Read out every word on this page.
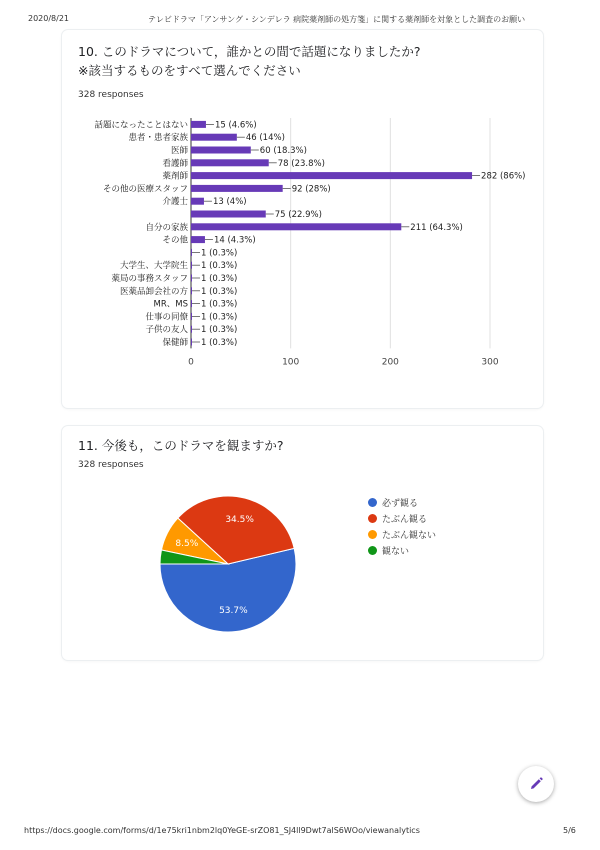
2020/8/21	テレビドラマ「アンサング・シンデレラ 病院薬剤師の処方箋」に関する薬剤師を対象とした調査のお願い
10. このドラマについて，誰かとの間で話題になりましたか?　　※該当するものをすべて選んでください
328 responses
0	100	200	300
話題になったことはない	15 (4.6%)
患者・患者家族	46 (14%)
医師	60 (18.3%)
看護師	78 (23.8%)
薬剤師	282 (86%)
その他の医療スタッフ	92 (28%)
介護士	13 (4%)
75 (22.9%)
自分の家族	211 (64.3%)
その他	14 (4.3%)
1 (0.3%)
大学生、大学院生 1 (0.3%)
薬局の事務スタッフ 1 (0.3%)
医薬品卸会社の方 1 (0.3%)
MR、MS 1 (0.3%)
仕事の同僚 1 (0.3%)
子供の友人 1 (0.3%)
保健師 1 (0.3%)
11. 今後も，このドラマを観ますか?
328 responses
53.7%
34.5%
8.5%
必ず観る
たぶん観る
たぶん観ない
観ない
https://docs.google.com/forms/d/1e75kri1nbm2lq0YeGE-srZO81_SJ4ll9Dwt7alS6WOo/viewanalytics	5/6
